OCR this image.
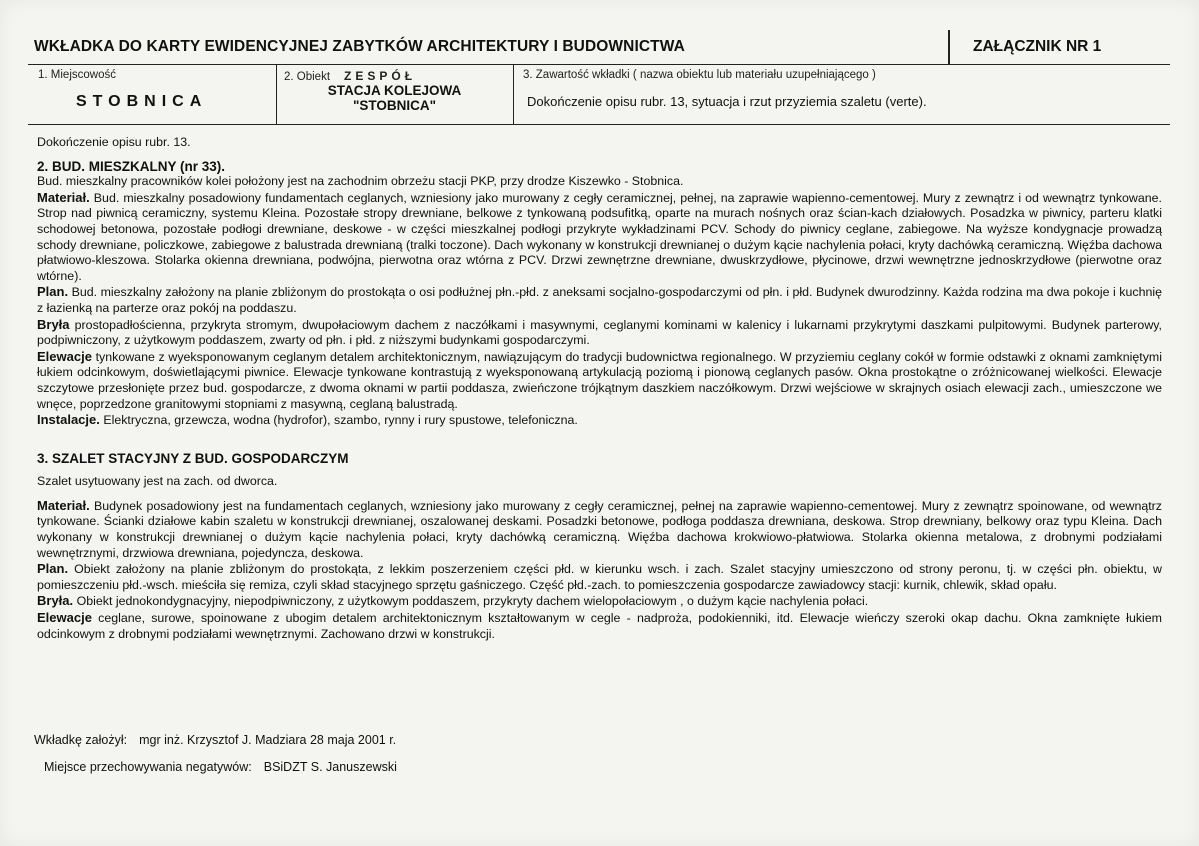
WKŁADKA DO KARTY EWIDENCYJNEJ ZABYTKÓW ARCHITEKTURY I BUDOWNICTWA	ZAŁĄCZNIK NR 1
1. Miejscowość
STOBNICA
2. Obiekt ZESPÓŁ
STACJA KOLEJOWA
"STOBNICA"
3. Zawartość wkładki ( nazwa obiektu lub materiału uzupełniającego )
Dokończenie opisu rubr. 13, sytuacja i rzut przyziemia szaletu (verte).

Dokończenie opisu rubr. 13.

2. BUD. MIESZKALNY (nr 33).

Bud. mieszkalny pracowników kolei położony jest na zachodnim obrzeżu stacji PKP, przy drodze Kiszewko - Stobnica.

Materiał. Bud. mieszkalny posadowiony fundamentach ceglanych, wzniesiony jako murowany z cegły ceramicznej, pełnej, na zaprawie wapienno-cementowej. Mury z zewnątrz i od wewnątrz tynkowane. Strop nad piwnicą ceramiczny, systemu Kleina. Pozostałe stropy drewniane, belkowe z tynkowaną podsufitką, oparte na murach nośnych oraz ścian-kach działowych. Posadzka w piwnicy, parteru klatki schodowej betonowa, pozostałe podłogi drewniane, deskowe - w części mieszkalnej podłogi przykryte wykładzinami PCV. Schody do piwnicy ceglane, zabiegowe. Na wyższe kondygnacje prowadzą schody drewniane, policzkowe, zabiegowe z balustrada drewnianą (tralki toczone). Dach wykonany w konstrukcji drewnianej o dużym kącie nachylenia połaci, kryty dachówką ceramiczną. Więźba dachowa płatwiowo-kleszowa. Stolarka okienna drewniana, podwójna, pierwotna oraz wtórna z PCV. Drzwi zewnętrzne drewniane, dwuskrzydłowe, płycinowe, drzwi wewnętrzne jednoskrzydłowe (pierwotne oraz wtórne).

Plan. Bud. mieszkalny założony na planie zbliżonym do prostokąta o osi podłużnej płn.-płd. z aneksami socjalno-gospodarczymi od płn. i płd. Budynek dwurodzinny. Każda rodzina ma dwa pokoje i kuchnię z łazienką na parterze oraz pokój na poddaszu.

Bryła prostopadłościenna, przykryta stromym, dwupołaciowym dachem z naczółkami i masywnymi, ceglanymi kominami w kalenicy i lukarnami przykrytymi daszkami pulpitowymi. Budynek parterowy, podpiwniczony, z użytkowym poddaszem, zwarty od płn. i płd. z niższymi budynkami gospodarczymi.

Elewacje tynkowane z wyeksponowanym ceglanym detalem architektonicznym, nawiązującym do tradycji budownictwa regionalnego. W przyziemiu ceglany cokół w formie odstawki z oknami zamkniętymi łukiem odcinkowym, doświetlającymi piwnice. Elewacje tynkowane kontrastują z wyeksponowaną artykulacją poziomą i pionową ceglanych pasów. Okna prostokątne o zróżnicowanej wielkości. Elewacje szczytowe przesłonięte przez bud. gospodarcze, z dwoma oknami w partii poddasza, zwieńczone trójkątnym daszkiem naczółkowym. Drzwi wejściowe w skrajnych osiach elewacji zach., umieszczone we wnęce, poprzedzone granitowymi stopniami z masywną, ceglaną balustradą.

Instalacje. Elektryczna, grzewcza, wodna (hydrofor), szambo, rynny i rury spustowe, telefoniczna.

3. SZALET STACYJNY Z BUD. GOSPODARCZYM

Szalet usytuowany jest na zach. od dworca.

Materiał. Budynek posadowiony jest na fundamentach ceglanych, wzniesiony jako murowany z cegły ceramicznej, pełnej na zaprawie wapienno-cementowej. Mury z zewnątrz spoinowane, od wewnątrz tynkowane. Ścianki działowe kabin szaletu w konstrukcji drewnianej, oszalowanej deskami. Posadzki betonowe, podłoga poddasza drewniana, deskowa. Strop drewniany, belkowy oraz typu Kleina. Dach wykonany w konstrukcji drewnianej o dużym kącie nachylenia połaci, kryty dachówką ceramiczną. Więźba dachowa krokwiowo-płatwiowa. Stolarka okienna metalowa, z drobnymi podziałami wewnętrznymi, drzwiowa drewniana, pojedyncza, deskowa.

Plan. Obiekt założony na planie zbliżonym do prostokąta, z lekkim poszerzeniem części płd. w kierunku wsch. i zach. Szalet stacyjny umieszczono od strony peronu, tj. w części płn. obiektu, w pomieszczeniu płd.-wsch. mieściła się remiza, czyli skład stacyjnego sprzętu gaśniczego. Część płd.-zach. to pomieszczenia gospodarcze zawiadowcy stacji: kurnik, chlewik, skład opału.

Bryła. Obiekt jednokondygnacyjny, niepodpiwniczony, z użytkowym poddaszem, przykryty dachem wielopołaciowym , o dużym kącie nachylenia połaci.

Elewacje ceglane, surowe, spoinowane z ubogim detalem architektonicznym kształtowanym w cegle - nadproża, podokienniki, itd. Elewacje wieńczy szeroki okap dachu. Okna zamknięte łukiem odcinkowym z drobnymi podziałami wewnętrznymi. Zachowano drzwi w konstrukcji.

Wkładkę założył: mgr inż. Krzysztof J. Madziara 28 maja 2001 r.
Miejsce przechowywania negatywów: BSiDZT S. Januszewski
